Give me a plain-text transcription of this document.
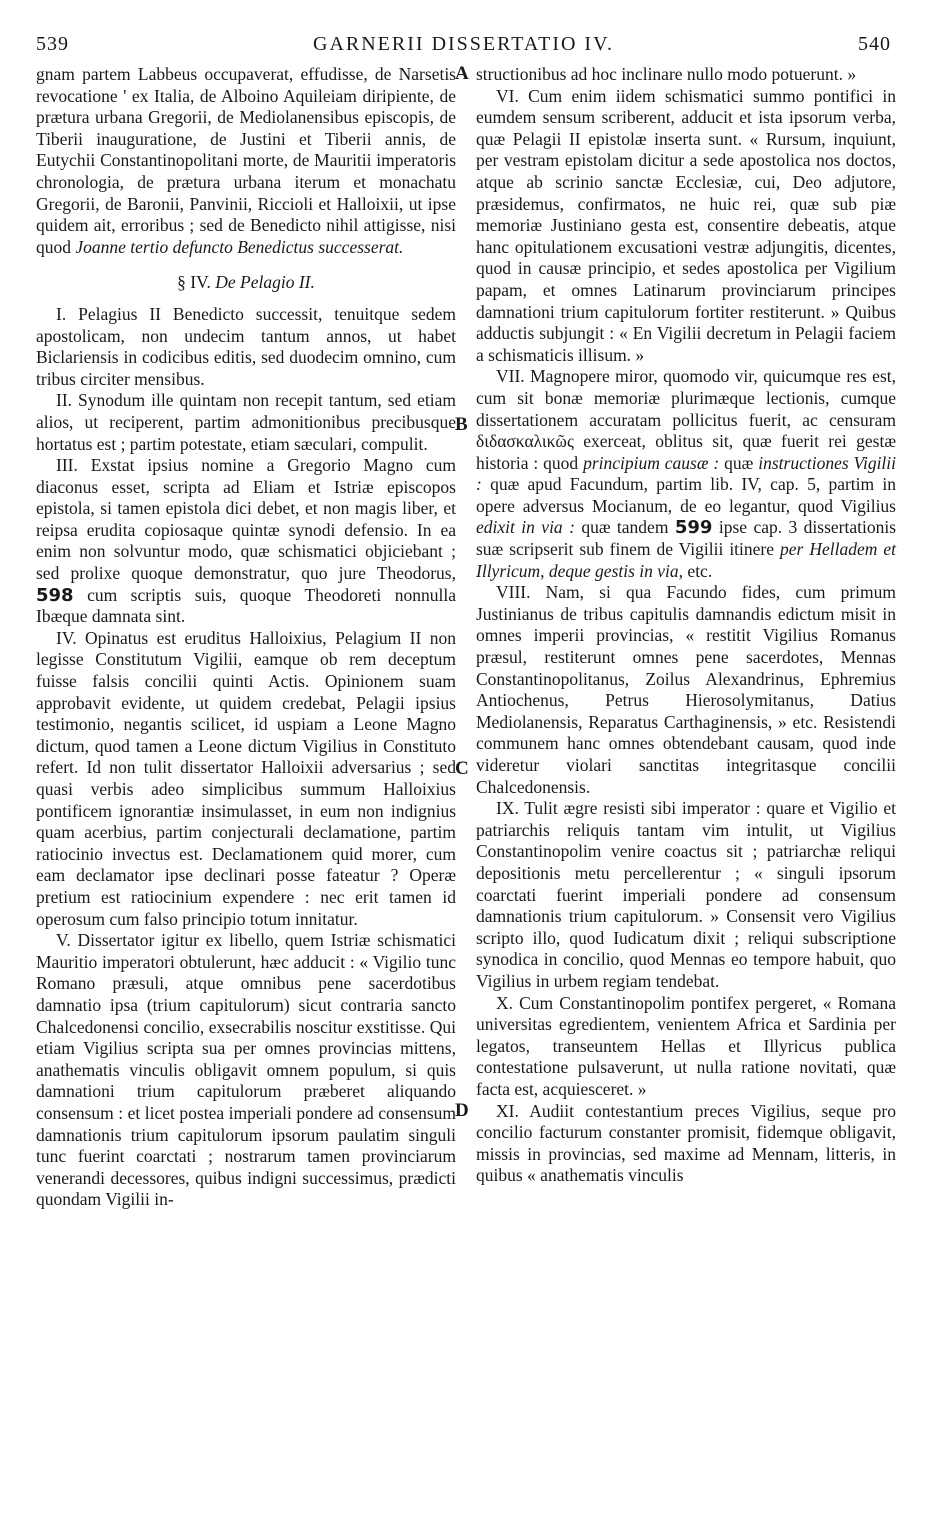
539	GARNERII DISSERTATIO IV.	540
A
B
C
D

gnam partem Labbeus occupaverat, effudisse, de Narsetis revocatione ' ex Italia, de Alboino Aquileiam diripiente, de prætura urbana Gregorii, de Mediolanensibus episcopis, de Tiberii inauguratione, de Justini et Tiberii annis, de Eutychii Constantinopolitani morte, de Mauritii imperatoris chronologia, de prætura urbana iterum et monachatu Gregorii, de Baronii, Panvinii, Riccioli et Halloixii, ut ipse quidem ait, erroribus ; sed de Benedicto nihil attigisse, nisi quod Joanne tertio defuncto Benedictus successerat.

§ IV. De Pelagio II.

I. Pelagius II Benedicto successit, tenuitque sedem apostolicam, non undecim tantum annos, ut habet Biclariensis in codicibus editis, sed duodecim omnino, cum tribus circiter mensibus.

II. Synodum ille quintam non recepit tantum, sed etiam alios, ut reciperent, partim admonitionibus precibusque hortatus est ; partim potestate, etiam sæculari, compulit.

III. Exstat ipsius nomine a Gregorio Magno cum diaconus esset, scripta ad Eliam et Istriæ episcopos epistola, si tamen epistola dici debet, et non magis liber, et reipsa erudita copiosaque quintæ synodi defensio. In ea enim non solvuntur modo, quæ schismatici objiciebant ; sed prolixe quoque demonstratur, quo jure Theodorus, 598 cum scriptis suis, quoque Theodoreti nonnulla Ibæque damnata sint.

IV. Opinatus est eruditus Halloixius, Pelagium II non legisse Constitutum Vigilii, eamque ob rem deceptum fuisse falsis concilii quinti Actis. Opinionem suam approbavit evidente, ut quidem credebat, Pelagii ipsius testimonio, negantis scilicet, id uspiam a Leone Magno dictum, quod tamen a Leone dictum Vigilius in Constituto refert. Id non tulit dissertator Halloixii adversarius ; sed quasi verbis adeo simplicibus summum Halloixius pontificem ignorantiæ insimulasset, in eum non indignius quam acerbius, partim conjecturali declamatione, partim ratiocinio invectus est. Declamationem quid morer, cum eam declamator ipse declinari posse fateatur ? Operæ pretium est ratiocinium expendere : nec erit tamen id operosum cum falso principio totum innitatur.

V. Dissertator igitur ex libello, quem Istriæ schismatici Mauritio imperatori obtulerunt, hæc adducit : « Vigilio tunc Romano præsuli, atque omnibus pene sacerdotibus damnatio ipsa (trium capitulorum) sicut contraria sancto Chalcedonensi concilio, exsecrabilis noscitur exstitisse. Qui etiam Vigilius scripta sua per omnes provincias mittens, anathematis vinculis obligavit omnem populum, si quis damnationi trium capitulorum præberet aliquando consensum : et licet postea imperiali pondere ad consensum damnationis trium capitulorum ipsorum paulatim singuli tunc fuerint coarctati ; nostrarum tamen provinciarum venerandi decessores, quibus indigni successimus, prædicti quondam Vigilii in-

structionibus ad hoc inclinare nullo modo potuerunt. »

VI. Cum enim iidem schismatici summo pontifici in eumdem sensum scriberent, adducit et ista ipsorum verba, quæ Pelagii II epistolæ inserta sunt. « Rursum, inquiunt, per vestram epistolam dicitur a sede apostolica nos doctos, atque ab scrinio sanctæ Ecclesiæ, cui, Deo adjutore, præsidemus, confirmatos, ne huic rei, quæ sub piæ memoriæ Justiniano gesta est, consentire debeatis, atque hanc opitulationem excusationi vestræ adjungitis, dicentes, quod in causæ principio, et sedes apostolica per Vigilium papam, et omnes Latinarum provinciarum principes damnationi trium capitulorum fortiter restiterunt. » Quibus adductis subjungit : « En Vigilii decretum in Pelagii faciem a schismaticis illisum. »

VII. Magnopere miror, quomodo vir, quicumque res est, cum sit bonæ memoriæ plurimæque lectionis, cumque dissertationem accuratam pollicitus fuerit, ac censuram διδασκαλικῶς exerceat, oblitus sit, quæ fuerit rei gestæ historia : quod principium causæ : quæ instructiones Vigilii : quæ apud Facundum, partim lib. IV, cap. 5, partim in opere adversus Mocianum, de eo legantur, quod Vigilius edixit in via : quæ tandem 599 ipse cap. 3 dissertationis suæ scripserit sub finem de Vigilii itinere per Helladem et Illyricum, deque gestis in via, etc.

VIII. Nam, si qua Facundo fides, cum primum Justinianus de tribus capitulis damnandis edictum misit in omnes imperii provincias, « restitit Vigilius Romanus præsul, restiterunt omnes pene sacerdotes, Mennas Constantinopolitanus, Zoilus Alexandrinus, Ephremius Antiochenus, Petrus Hierosolymitanus, Datius Mediolanensis, Reparatus Carthaginensis, » etc. Resistendi communem hanc omnes obtendebant causam, quod inde videretur violari sanctitas integritasque concilii Chalcedonensis.

IX. Tulit ægre resisti sibi imperator : quare et Vigilio et patriarchis reliquis tantam vim intulit, ut Vigilius Constantinopolim venire coactus sit ; patriarchæ reliqui depositionis metu percellerentur ; « singuli ipsorum coarctati fuerint imperiali pondere ad consensum damnationis trium capitulorum. » Consensit vero Vigilius scripto illo, quod Iudicatum dixit ; reliqui subscriptione synodica in concilio, quod Mennas eo tempore habuit, quo Vigilius in urbem regiam tendebat.

X. Cum Constantinopolim pontifex pergeret, « Romana universitas egredientem, venientem Africa et Sardinia per legatos, transeuntem Hellas et Illyricus publica contestatione pulsaverunt, ut nulla ratione novitati, quæ facta est, acquiesceret. »

XI. Audiit contestantium preces Vigilius, seque pro concilio facturum constanter promisit, fidemque obligavit, missis in provincias, sed maxime ad Mennam, litteris, in quibus « anathematis vinculis
